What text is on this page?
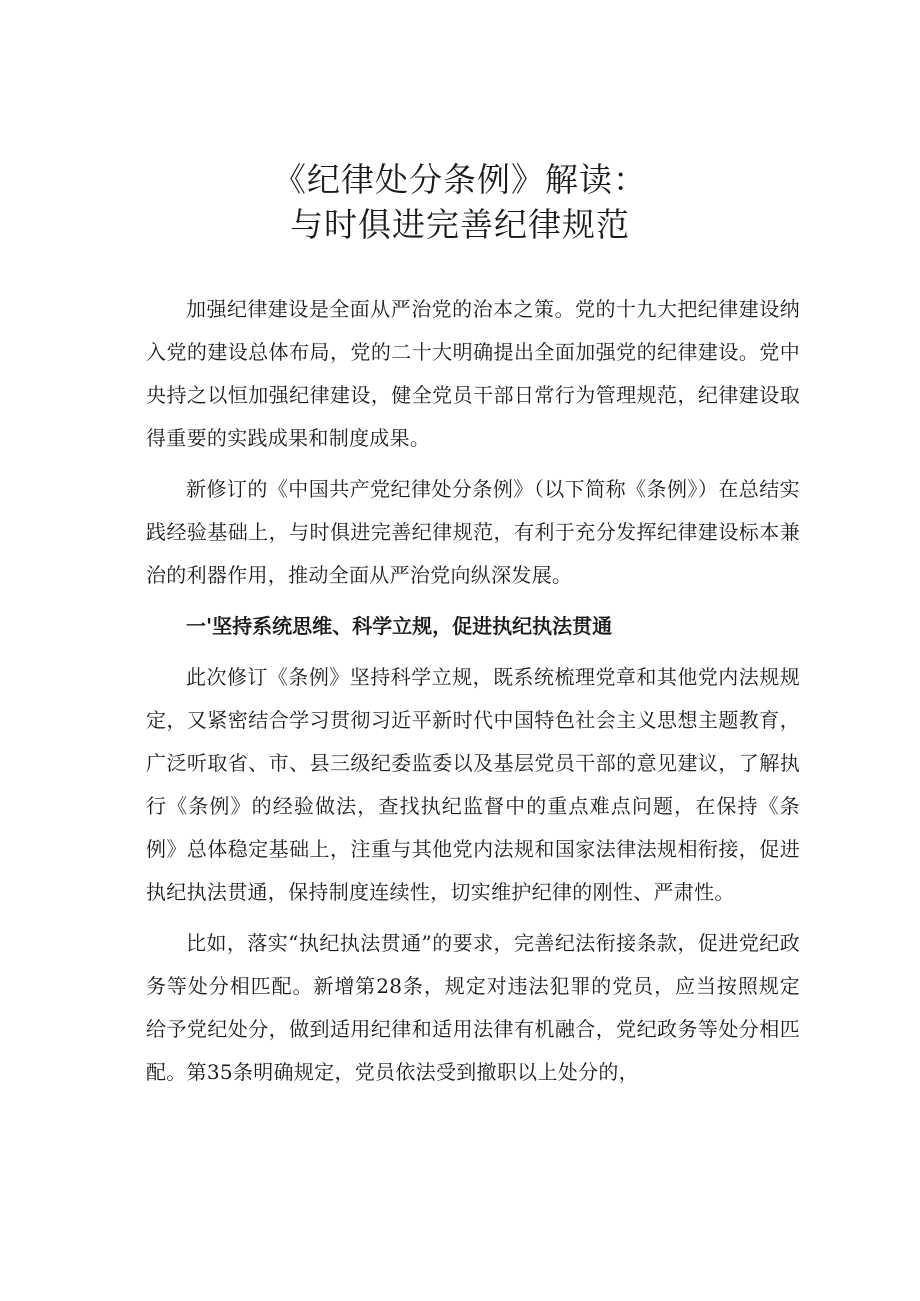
《纪律处分条例》解读：
与时俱进完善纪律规范

加强纪律建设是全面从严治党的治本之策。党的十九大把纪律建设纳入党的建设总体布局，党的二十大明确提出全面加强党的纪律建设。党中央持之以恒加强纪律建设，健全党员干部日常行为管理规范，纪律建设取得重要的实践成果和制度成果。

新修订的《中国共产党纪律处分条例》（以下简称《条例》）在总结实践经验基础上，与时俱进完善纪律规范，有利于充分发挥纪律建设标本兼治的利器作用，推动全面从严治党向纵深发展。

一'坚持系统思维、科学立规，促进执纪执法贯通

此次修订《条例》坚持科学立规，既系统梳理党章和其他党内法规规定，又紧密结合学习贯彻习近平新时代中国特色社会主义思想主题教育，广泛听取省、市、县三级纪委监委以及基层党员干部的意见建议，了解执行《条例》的经验做法，查找执纪监督中的重点难点问题，在保持《条例》总体稳定基础上，注重与其他党内法规和国家法律法规相衔接，促进执纪执法贯通，保持制度连续性，切实维护纪律的刚性、严肃性。

比如，落实“执纪执法贯通”的要求，完善纪法衔接条款，促进党纪政务等处分相匹配。新增第28条，规定对违法犯罪的党员，应当按照规定给予党纪处分，做到适用纪律和适用法律有机融合，党纪政务等处分相匹配。第35条明确规定，党员依法受到撤职以上处分的，
